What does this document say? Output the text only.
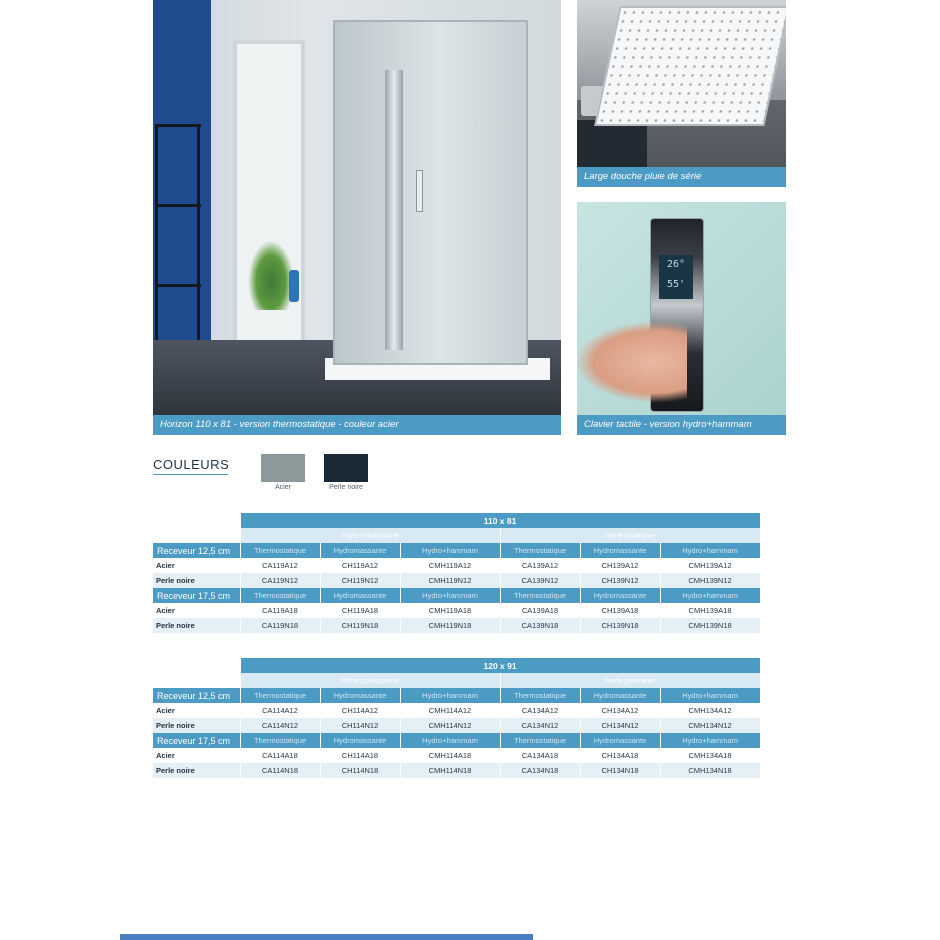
Horizon 110 x 81 - version thermostatique - couleur acier
Large douche pluie de série
26°
55'
Clavier tactile - version hydro+hammam
COULEURS
Acier	Perle noire
	110 x 81					
	Porte coulissante			Porte pivotante		
Receveur 12,5 cm	Thermostatique	Hydromassante	Hydro+hammam	Thermostatique	Hydromassante	Hydro+hammam
Acier	CA119A12	CH119A12	CMH119A12	CA139A12	CH139A12	CMH139A12
Perle noire	CA119N12	CH119N12	CMH119N12	CA139N12	CH139N12	CMH139N12
Receveur 17,5 cm	Thermostatique	Hydromassante	Hydro+hammam	Thermostatique	Hydromassante	Hydro+hammam
Acier	CA119A18	CH119A18	CMH119A18	CA139A18	CH139A18	CMH139A18
Perle noire	CA119N18	CH119N18	CMH119N18	CA139N18	CH139N18	CMH139N18
	120 x 91					
	Porte coulissante			Porte pivotante		
Receveur 12,5 cm	Thermostatique	Hydromassante	Hydro+hammam	Thermostatique	Hydromassante	Hydro+hammam
Acier	CA114A12	CH114A12	CMH114A12	CA134A12	CH134A12	CMH134A12
Perle noire	CA114N12	CH114N12	CMH114N12	CA134N12	CH134N12	CMH134N12
Receveur 17,5 cm	Thermostatique	Hydromassante	Hydro+hammam	Thermostatique	Hydromassante	Hydro+hammam
Acier	CA114A18	CH114A18	CMH114A18	CA134A18	CH134A18	CMH134A18
Perle noire	CA114N18	CH114N18	CMH114N18	CA134N18	CH134N18	CMH134N18
